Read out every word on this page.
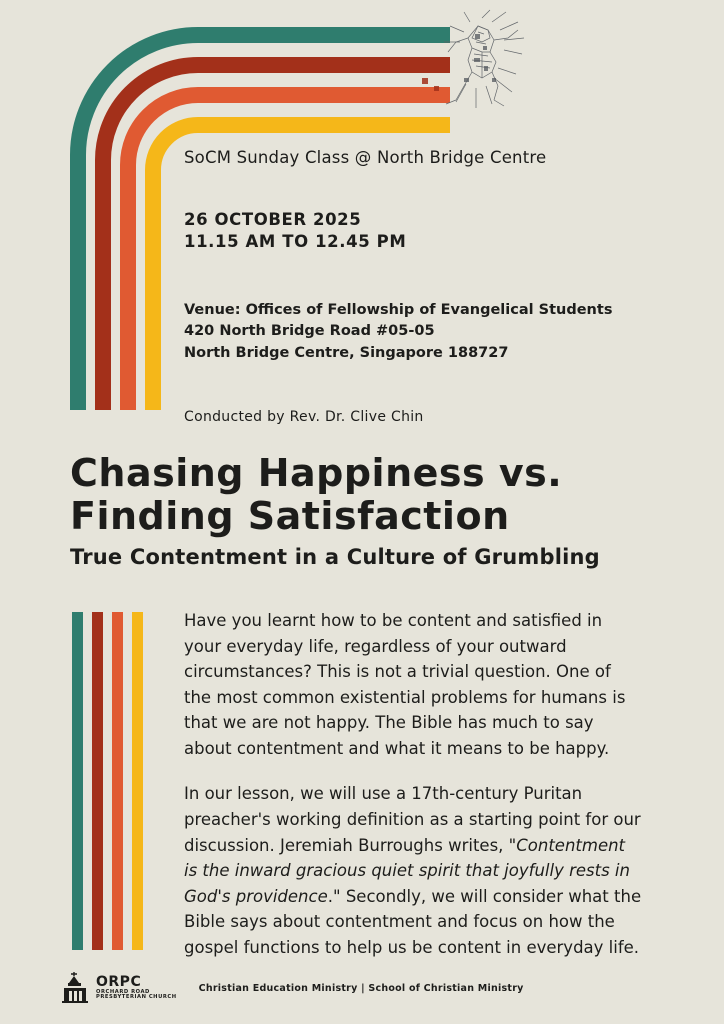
SoCM Sunday Class @ North Bridge Centre

26 OCTOBER 2025
11.15 AM TO 12.45 PM

Venue: Offices of Fellowship of Evangelical Students
420 North Bridge Road #05-05
North Bridge Centre, Singapore 188727

Conducted by Rev. Dr. Clive Chin

Chasing Happiness vs.
Finding Satisfaction
True Contentment in a Culture of Grumbling

Have you learnt how to be content and satisfied in your everyday life, regardless of your outward circumstances? This is not a trivial question. One of the most common existential problems for humans is that we are not happy. The Bible has much to say about contentment and what it means to be happy.

In our lesson, we will use a 17th-century Puritan preacher's working definition as a starting point for our discussion. Jeremiah Burroughs writes, "Contentment is the inward gracious quiet spirit that joyfully rests in God's providence." Secondly, we will consider what the Bible says about contentment and focus on how the gospel functions to help us be content in everyday life.

ORPC
ORCHARD ROAD
PRESBYTERIAN CHURCH
Christian Education Ministry | School of Christian Ministry
